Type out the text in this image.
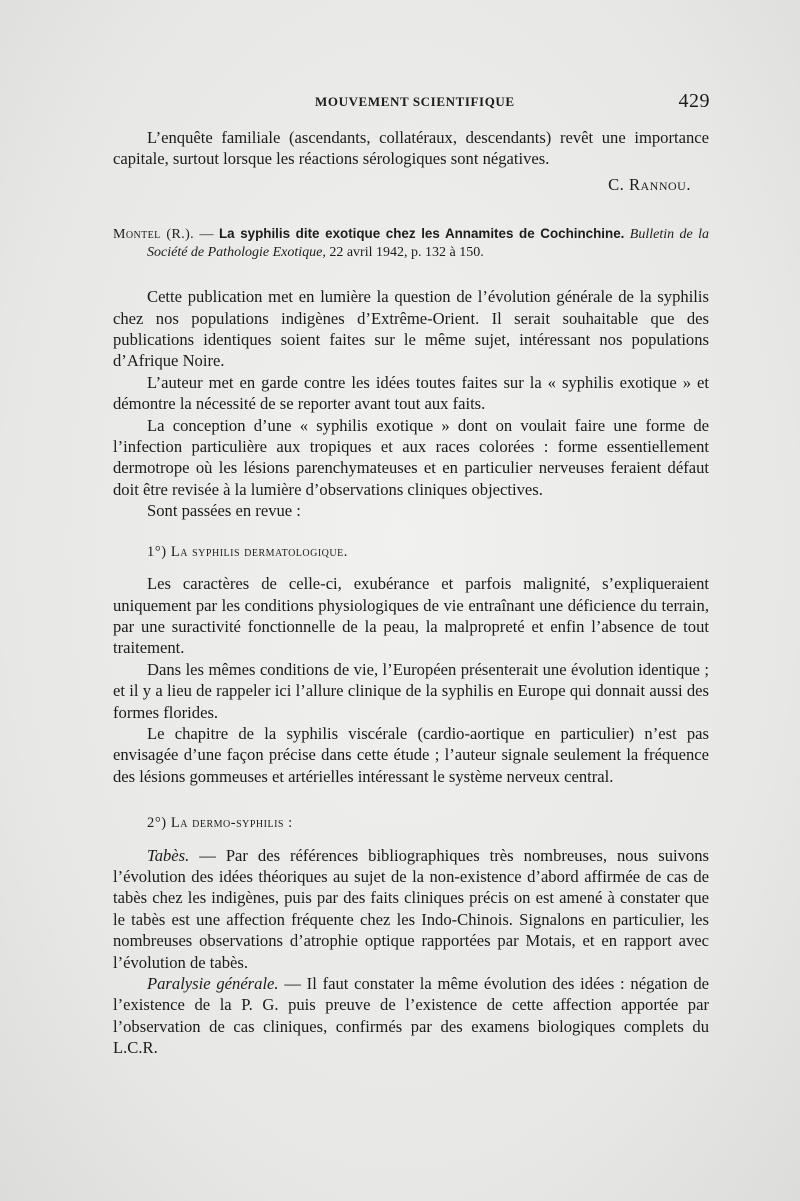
MOUVEMENT SCIENTIFIQUE	429

L’enquête familiale (ascendants, collatéraux, descendants) revêt une importance capitale, surtout lorsque les réactions sérologiques sont négatives.

C. Rannou.

Montel (R.). — La syphilis dite exotique chez les Annamites de Cochinchine. Bulletin de la Société de Pathologie Exotique, 22 avril 1942, p. 132 à 150.

Cette publication met en lumière la question de l’évolution générale de la syphilis chez nos populations indigènes d’Extrême-Orient. Il serait souhaitable que des publications identiques soient faites sur le même sujet, intéressant nos populations d’Afrique Noire.

L’auteur met en garde contre les idées toutes faites sur la « syphilis exotique » et démontre la nécessité de se reporter avant tout aux faits.

La conception d’une « syphilis exotique » dont on voulait faire une forme de l’infection particulière aux tropiques et aux races colorées : forme essentiellement dermotrope où les lésions parenchymateuses et en particulier nerveuses feraient défaut doit être revisée à la lumière d’observations cliniques objectives.

Sont passées en revue :

1°) La syphilis dermatologique.

Les caractères de celle-ci, exubérance et parfois malignité, s’expliqueraient uniquement par les conditions physiologiques de vie entraînant une déficience du terrain, par une suractivité fonctionnelle de la peau, la malpropreté et enfin l’absence de tout traitement.

Dans les mêmes conditions de vie, l’Européen présenterait une évolution identique ; et il y a lieu de rappeler ici l’allure clinique de la syphilis en Europe qui donnait aussi des formes florides.

Le chapitre de la syphilis viscérale (cardio-aortique en particulier) n’est pas envisagée d’une façon précise dans cette étude ; l’auteur signale seulement la fréquence des lésions gommeuses et artérielles intéressant le système nerveux central.

2°) La dermo-syphilis :

Tabès. — Par des références bibliographiques très nombreuses, nous suivons l’évolution des idées théoriques au sujet de la non-existence d’abord affirmée de cas de tabès chez les indigènes, puis par des faits cliniques précis on est amené à constater que le tabès est une affection fréquente chez les Indo-Chinois. Signalons en particulier, les nombreuses observations d’atrophie optique rapportées par Motais, et en rapport avec l’évolution de tabès.

Paralysie générale. — Il faut constater la même évolution des idées : négation de l’existence de la P. G. puis preuve de l’existence de cette affection apportée par l’observation de cas cliniques, confirmés par des examens biologiques complets du L.C.R.
